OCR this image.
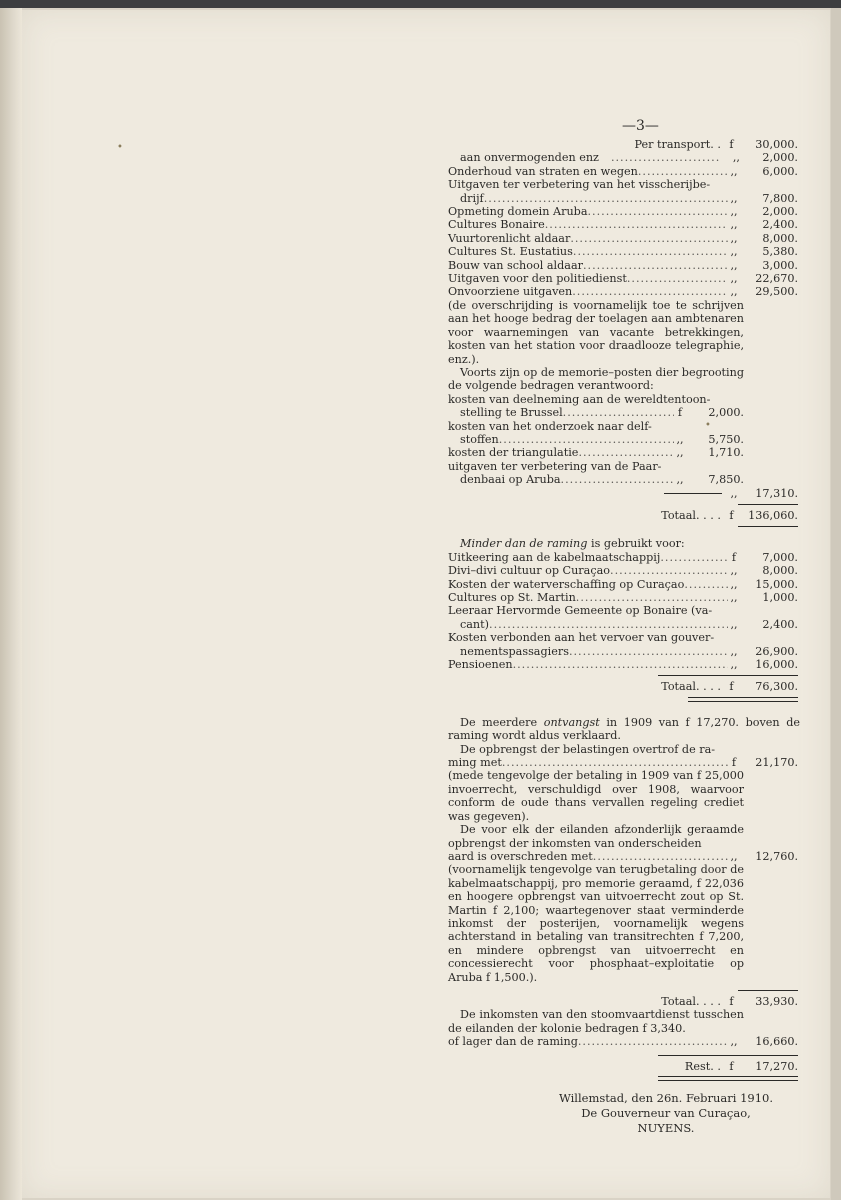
—3—
•
•
Per transport. . f 30,000.
aan onvermogenden enz .....	,,	2,000.
Onderhoud van straten en wegen .....	,,	6,000.
Uitgaven ter verbetering van het visscherijbe-
drijf .....	,,	7,800.
Opmeting domein Aruba .....	,,	2,000.
Cultures Bonaire .....	,,	2,400.
Vuurtorenlicht aldaar .....	,,	8,000.
Cultures St. Eustatius .....	,,	5,380.
Bouw van school aldaar .....	,,	3,000.
Uitgaven voor den politiedienst .....	,,	22,670.
Onvoorziene uitgaven .....	,,	29,500.
(de overschrijding is voornamelijk toe te schrijven aan het hooge bedrag der toelagen aan ambtenaren voor waarnemingen van vacante betrekkingen, kosten van het station voor draadlooze telegraphie, enz.).
Voorts zijn op de memorie–posten dier begrooting de volgende bedragen verantwoord:
kosten van deelneming aan de wereldtentoon-
stelling te Brussel .....	f	2,000.
kosten van het onderzoek naar delf-
stoffen .....	,,	5,750.
kosten der triangulatie .....	,,	1,710.
uitgaven ter verbetering van de Paar-
denbaai op Aruba .....	,,	7,850.
,,	17,310.
Totaal. . . . f 136,060.
Minder dan de raming is gebruikt voor:
Uitkeering aan de kabelmaatschappij .....	f	7,000.
Divi–divi cultuur op Curaçao .....	,,	8,000.
Kosten der waterverschaffing op Curaçao .....	,,	15,000.
Cultures op St. Martin .....	,,	1,000.
Leeraar Hervormde Gemeente op Bonaire (va-
cant) .....	,,	2,400.
Kosten verbonden aan het vervoer van gouver-
nementspassagiers .....	,,	26,900.
Pensioenen .....	,,	16,000.
Totaal. . . . f 76,300.
De meerdere ontvangst in 1909 van f 17,270. boven de raming wordt aldus verklaard.
De opbrengst der belastingen overtrof de ra-
ming met .....	f	21,170.
(mede tengevolge der betaling in 1909 van f 25,000 invoerrecht, verschuldigd over 1908, waarvoor conform de oude thans vervallen regeling crediet was gegeven).
De voor elk der eilanden afzonderlijk geraamde opbrengst der inkomsten van onderscheiden
aard is overschreden met .....	,,	12,760.
(voornamelijk tengevolge van terugbetaling door de kabelmaatschappij, pro memorie geraamd, f 22,036 en hoogere opbrengst van uitvoerrecht zout op St. Martin f 2,100; waartegenover staat verminderde inkomst der posterijen, voornamelijk wegens achterstand in betaling van transitrechten f 7,200, en mindere opbrengst van uitvoerrecht en concessierecht voor phosphaat–exploitatie op Aruba f 1,500.).
Totaal. . . . f 33,930.
De inkomsten van den stoomvaartdienst tusschen de eilanden der kolonie bedragen f 3,340.
of lager dan de raming .....	,,	16,660.
Rest. . f 17,270.
Willemstad, den 26n. Februari 1910.
De Gouverneur van Curaçao,
NUYENS.
